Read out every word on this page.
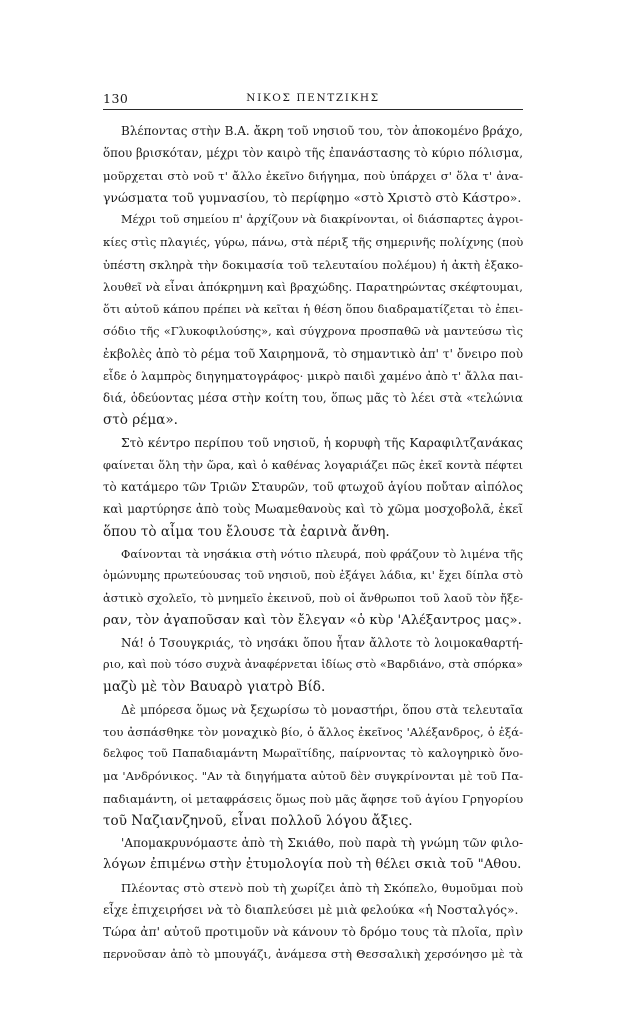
130	ΝΙΚΟΣ ΠΕΝΤΖΙΚΗΣ
Βλέποντας στὴν Β.Α. ἄκρη τοῦ νησιοῦ του, τὸν ἀποκομένο βράχο,
ὅπου βρισκόταν, μέχρι τὸν καιρὸ τῆς ἐπανάστασης τὸ κύριο πόλισμα,
μοῦρχεται στὸ νοῦ τ' ἄλλο ἐκεῖνο διήγημα, ποὺ ὑπάρχει σ' ὅλα τ' ἀνα-
γνώσματα τοῦ γυμνασίου, τὸ περίφημο «στὸ Χριστὸ στὸ Κάστρο».
Μέχρι τοῦ σημείου π' ἀρχίζουν νὰ διακρίνονται, οἱ διάσπαρτες ἀγροι-
κίες στὶς πλαγιές, γύρω, πάνω, στὰ πέριξ τῆς σημερινῆς πολίχνης (ποὺ
ὑπέστη σκληρὰ τὴν δοκιμασία τοῦ τελευταίου πολέμου) ἡ ἀκτὴ ἐξακο-
λουθεῖ νὰ εἶναι ἀπόκρημνη καὶ βραχώδης. Παρατηρώντας σκέφτουμαι,
ὅτι αὐτοῦ κάπου πρέπει νὰ κεῖται ἡ θέση ὅπου διαδραματίζεται τὸ ἐπει-
σόδιο τῆς «Γλυκοφιλούσης», καὶ σύγχρονα προσπαθῶ νὰ μαντεύσω τὶς
ἐκβολὲς ἀπὸ τὸ ρέμα τοῦ Χαιρημονᾶ, τὸ σημαντικὸ ἀπ' τ' ὄνειρο ποὺ
εἶδε ὁ λαμπρὸς διηγηματογράφος· μικρὸ παιδὶ χαμένο ἀπὸ τ' ἄλλα παι-
διά, ὁδεύοντας μέσα στὴν κοίτη του, ὅπως μᾶς τὸ λέει στὰ «τελώνια
στὸ ρέμα».
Στὸ κέντρο περίπου τοῦ νησιοῦ, ἡ κορυφὴ τῆς Καραφιλτζανάκας
φαίνεται ὅλη τὴν ὥρα, καὶ ὁ καθένας λογαριάζει πῶς ἐκεῖ κοντὰ πέφτει
τὸ κατάμερο τῶν Τριῶν Σταυρῶν, τοῦ φτωχοῦ ἁγίου ποὔταν αἰπόλος
καὶ μαρτύρησε ἀπὸ τοὺς Μωαμεθανοὺς καὶ τὸ χῶμα μοσχοβολᾶ, ἐκεῖ
ὅπου τὸ αἷμα του ἔλουσε τὰ ἐαρινὰ ἄνθη.
Φαίνονται τὰ νησάκια στὴ νότιο πλευρά, ποὺ φράζουν τὸ λιμένα τῆς
ὁμώνυμης πρωτεύουσας τοῦ νησιοῦ, ποὺ ἐξάγει λάδια, κι' ἔχει δίπλα στὸ
ἀστικὸ σχολεῖο, τὸ μνημεῖο ἐκεινοῦ, ποὺ οἱ ἄνθρωποι τοῦ λαοῦ τὸν ἤξε-
ραν, τὸν ἀγαποῦσαν καὶ τὸν ἔλεγαν «ὁ κὺρ 'Αλέξαντρος μας».
Νά! ὁ Τσουγκριάς, τὸ νησάκι ὅπου ἦταν ἄλλοτε τὸ λοιμοκαθαρτή-
ριο, καὶ ποὺ τόσο συχνὰ ἀναφέρνεται ἰδίως στὸ «Βαρδιάνο, στὰ σπόρκα»
μαζὺ μὲ τὸν Βαυαρὸ γιατρὸ Βίδ.
Δὲ μπόρεσα ὅμως νὰ ξεχωρίσω τὸ μοναστήρι, ὅπου στὰ τελευταῖα
του ἀσπάσθηκε τὸν μοναχικὸ βίο, ὁ ἄλλος ἐκεῖνος 'Αλέξανδρος, ὁ ἐξά-
δελφος τοῦ Παπαδιαμάντη Μωραϊτίδης, παίρνοντας τὸ καλογηρικὸ ὄνο-
μα 'Ανδρόνικος. "Αν τὰ διηγήματα αὐτοῦ δὲν συγκρίνονται μὲ τοῦ Πα-
παδιαμάντη, οἱ μεταφράσεις ὅμως ποὺ μᾶς ἄφησε τοῦ ἁγίου Γρηγορίου
τοῦ Ναζιανζηνοῦ, εἶναι πολλοῦ λόγου ἄξιες.
'Απομακρυνόμαστε ἀπὸ τὴ Σκιάθο, ποὺ παρὰ τὴ γνώμη τῶν φιλο-
λόγων ἐπιμένω στὴν ἐτυμολογία ποὺ τὴ θέλει σκιὰ τοῦ "Αθου.
Πλέοντας στὸ στενὸ ποὺ τὴ χωρίζει ἀπὸ τὴ Σκόπελο, θυμοῦμαι ποὺ
εἶχε ἐπιχειρήσει νὰ τὸ διαπλεύσει μὲ μιὰ φελούκα «ἡ Νοσταλγός».
Τώρα ἀπ' αὐτοῦ προτιμοῦν νὰ κάνουν τὸ δρόμο τους τὰ πλοῖα, πρὶν
περνοῦσαν ἀπὸ τὸ μπουγάζι, ἀνάμεσα στὴ Θεσσαλικὴ χερσόνησο μὲ τὰ
